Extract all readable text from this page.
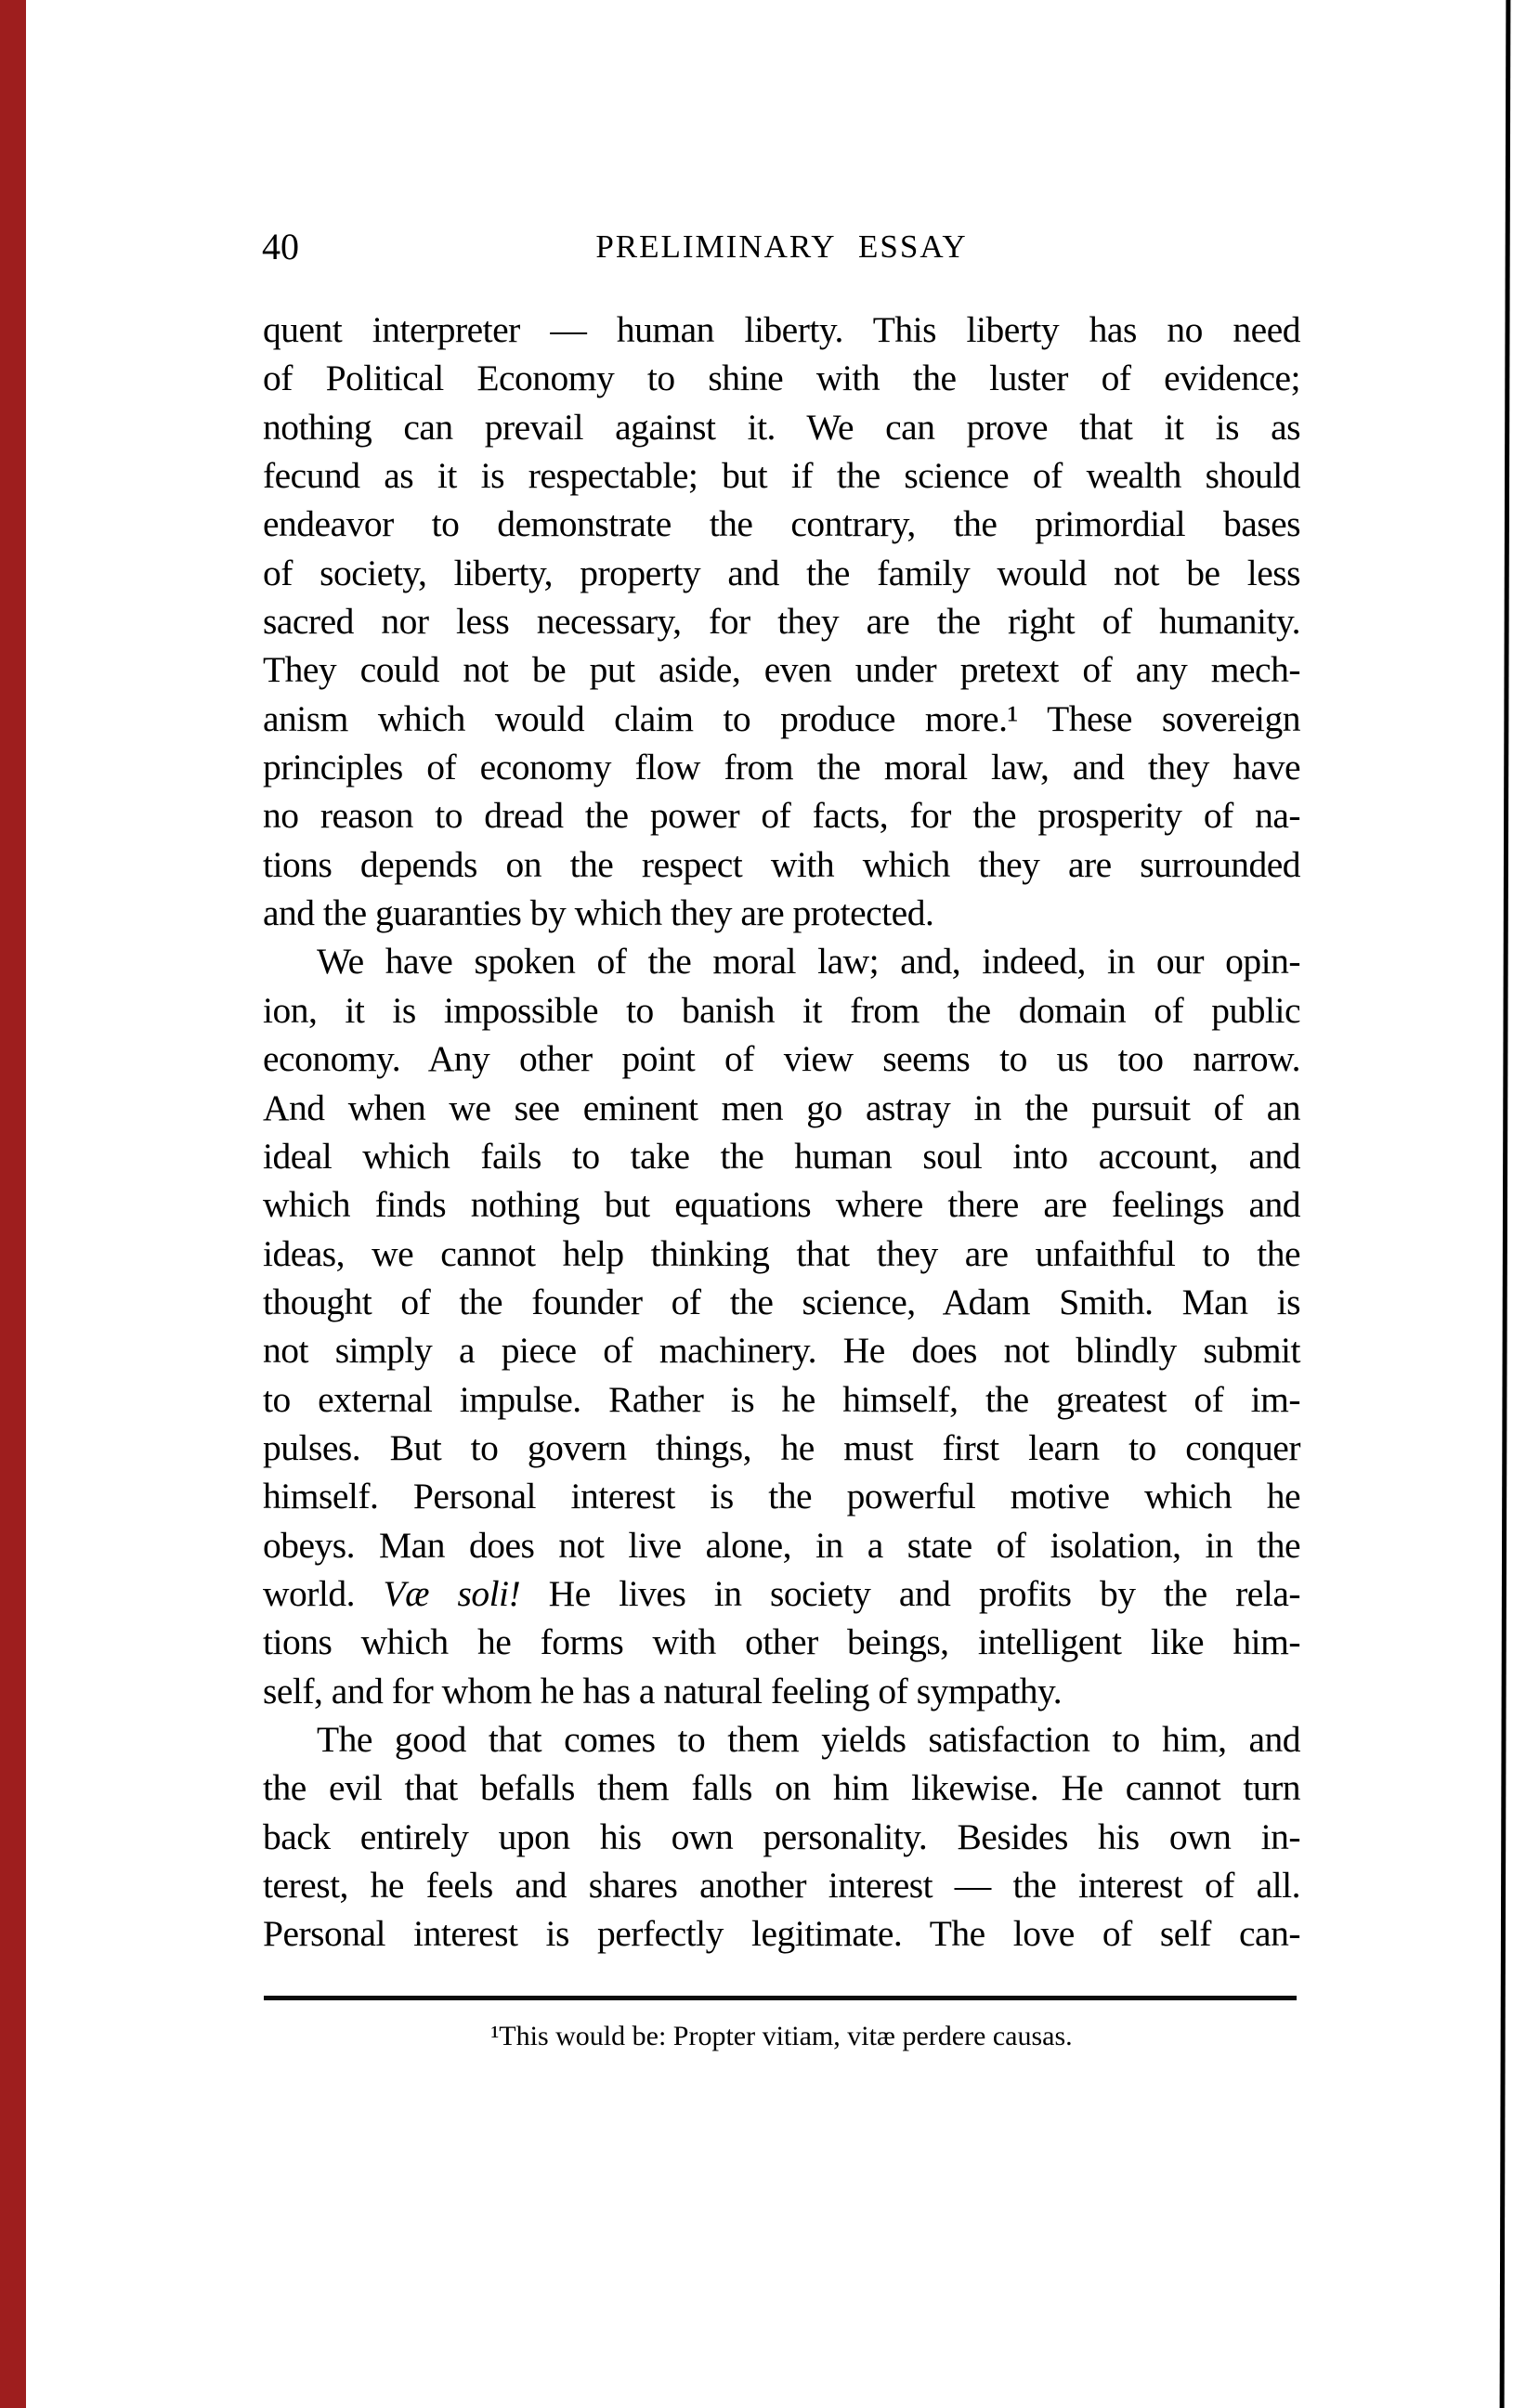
40	PRELIMINARY ESSAY
quent interpreter — human liberty. This liberty has no need
of Political Economy to shine with the luster of evidence;
nothing can prevail against it. We can prove that it is as
fecund as it is respectable; but if the science of wealth should
endeavor to demonstrate the contrary, the primordial bases
of society, liberty, property and the family would not be less
sacred nor less necessary, for they are the right of humanity.
They could not be put aside, even under pretext of any mech-
anism which would claim to produce more.¹ These sovereign
principles of economy flow from the moral law, and they have
no reason to dread the power of facts, for the prosperity of na-
tions depends on the respect with which they are surrounded
and the guaranties by which they are protected.
We have spoken of the moral law; and, indeed, in our opin-
ion, it is impossible to banish it from the domain of public
economy. Any other point of view seems to us too narrow.
And when we see eminent men go astray in the pursuit of an
ideal which fails to take the human soul into account, and
which finds nothing but equations where there are feelings and
ideas, we cannot help thinking that they are unfaithful to the
thought of the founder of the science, Adam Smith. Man is
not simply a piece of machinery. He does not blindly submit
to external impulse. Rather is he himself, the greatest of im-
pulses. But to govern things, he must first learn to conquer
himself. Personal interest is the powerful motive which he
obeys. Man does not live alone, in a state of isolation, in the
world. Væ soli! He lives in society and profits by the rela-
tions which he forms with other beings, intelligent like him-
self, and for whom he has a natural feeling of sympathy.
The good that comes to them yields satisfaction to him, and
the evil that befalls them falls on him likewise. He cannot turn
back entirely upon his own personality. Besides his own in-
terest, he feels and shares another interest — the interest of all.
Personal interest is perfectly legitimate. The love of self can-
¹This would be: Propter vitiam, vitæ perdere causas.
